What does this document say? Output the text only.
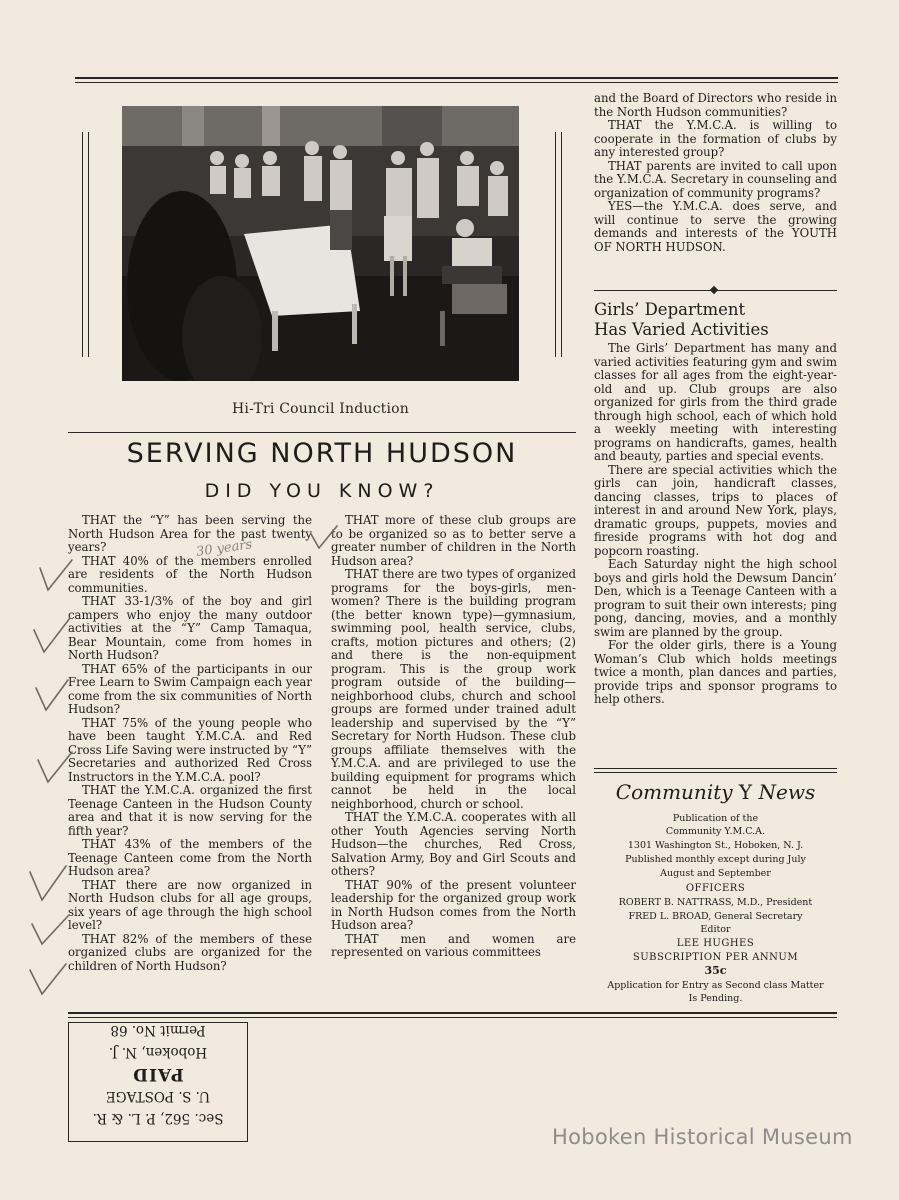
Hi-Tri Council Induction
SERVING NORTH HUDSON
DID YOU KNOW?

THAT the “Y” has been serving the North Hudson Area for the past twenty years?

THAT 40% of the members enrolled are residents of the North Hudson communities.

THAT 33-1/3% of the boy and girl campers who enjoy the many outdoor activities at the “Y” Camp Tamaqua, Bear Mountain, come from homes in North Hudson?

THAT 65% of the participants in our Free Learn to Swim Campaign each year come from the six communities of North Hudson?

THAT 75% of the young people who have been taught Y.M.C.A. and Red Cross Life Saving were instructed by “Y” Secretaries and authorized Red Cross Instructors in the Y.M.C.A. pool?

THAT the Y.M.C.A. organized the first Teenage Canteen in the Hudson County area and that it is now serving for the fifth year?

THAT 43% of the members of the Teenage Canteen come from the North Hudson area?

THAT there are now organized in North Hudson clubs for all age groups, six years of age through the high school level?

THAT 82% of the members of these organized clubs are organized for the children of North Hudson?

THAT more of these club groups are to be organized so as to better serve a greater number of children in the North Hudson area?

THAT there are two types of organized programs for the boys-girls, men-women? There is the building program (the better known type)—gymnasium, swimming pool, health service, clubs, crafts, motion pictures and others; (2) and there is the non-equipment program. This is the group work program outside of the building—neighborhood clubs, church and school groups are formed under trained adult leadership and supervised by the “Y” Secretary for North Hudson. These club groups affiliate themselves with the Y.M.C.A. and are privileged to use the building equipment for programs which cannot be held in the local neighborhood, church or school.

THAT the Y.M.C.A. cooperates with all other Youth Agencies serving North Hudson—the churches, Red Cross, Salvation Army, Boy and Girl Scouts and others?

THAT 90% of the present volunteer leadership for the organized group work in North Hudson comes from the North Hudson area?

THAT men and women are represented on various committees

and the Board of Directors who reside in the North Hudson communities?

THAT the Y.M.C.A. is willing to cooperate in the formation of clubs by any interested group?

THAT parents are invited to call upon the Y.M.C.A. Secretary in counseling and organization of community programs?

YES—the Y.M.C.A. does serve, and will continue to serve the growing demands and interests of the YOUTH OF NORTH HUDSON.

Girls’ Department
Has Varied Activities

The Girls’ Department has many and varied activities featuring gym and swim classes for all ages from the eight-year-old and up. Club groups are also organized for girls from the third grade through high school, each of which hold a weekly meeting with interesting programs on handicrafts, games, health and beauty, parties and special events.

There are special activities which the girls can join, handicraft classes, dancing classes, trips to places of interest in and around New York, plays, dramatic groups, puppets, movies and fireside programs with hot dog and popcorn roasting.

Each Saturday night the high school boys and girls hold the Dewsum Dancin’ Den, which is a Teenage Canteen with a program to suit their own interests; ping pong, dancing, movies, and a monthly swim are planned by the group.

For the older girls, there is a Young Woman’s Club which holds meetings twice a month, plan dances and parties, provide trips and sponsor programs to help others.

Community Y News
Publication of the
Community Y.M.C.A.
1301 Washington St., Hoboken, N. J.
Published monthly except during July
August and September
OFFICERS
ROBERT B. NATTRASS, M.D., President
FRED L. BROAD, General Secretary
Editor
LEE HUGHES
SUBSCRIPTION PER ANNUM
35c
Application for Entry as Second class Matter
Is Pending.
Sec. 562, P. L. & R.
U. S. POSTAGE
PAID
Hoboken, N. J.
Permit No. 68
30 years
Hoboken Historical Museum
